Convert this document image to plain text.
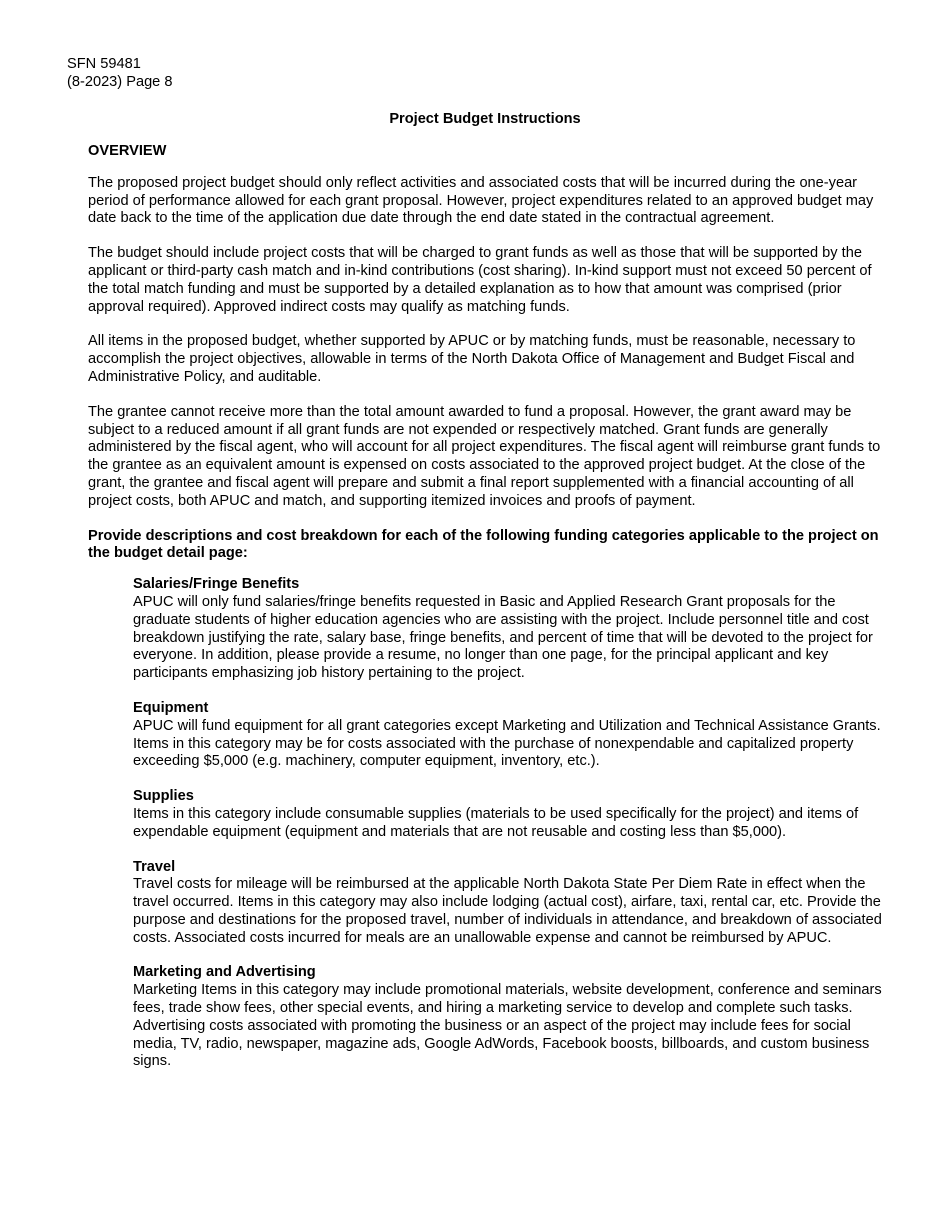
SFN 59481
(8-2023) Page 8
Project Budget Instructions

OVERVIEW

The proposed project budget should only reflect activities and associated costs that will be incurred during the one-year period of performance allowed for each grant proposal. However, project expenditures related to an approved budget may date back to the time of the application due date through the end date stated in the contractual agreement.

The budget should include project costs that will be charged to grant funds as well as those that will be supported by the applicant or third-party cash match and in-kind contributions (cost sharing). In-kind support must not exceed 50 percent of the total match funding and must be supported by a detailed explanation as to how that amount was comprised (prior approval required). Approved indirect costs may qualify as matching funds.

All items in the proposed budget, whether supported by APUC or by matching funds, must be reasonable, necessary to accomplish the project objectives, allowable in terms of the North Dakota Office of Management and Budget Fiscal and Administrative Policy, and auditable.

The grantee cannot receive more than the total amount awarded to fund a proposal. However, the grant award may be subject to a reduced amount if all grant funds are not expended or respectively matched. Grant funds are generally administered by the fiscal agent, who will account for all project expenditures. The fiscal agent will reimburse grant funds to the grantee as an equivalent amount is expensed on costs associated to the approved project budget. At the close of the grant, the grantee and fiscal agent will prepare and submit a final report supplemented with a financial accounting of all project costs, both APUC and match, and supporting itemized invoices and proofs of payment.

Provide descriptions and cost breakdown for each of the following funding categories applicable to the project on the budget detail page:

Salaries/Fringe Benefits
APUC will only fund salaries/fringe benefits requested in Basic and Applied Research Grant proposals for the graduate students of higher education agencies who are assisting with the project. Include personnel title and cost breakdown justifying the rate, salary base, fringe benefits, and percent of time that will be devoted to the project for everyone. In addition, please provide a resume, no longer than one page, for the principal applicant and key participants emphasizing job history pertaining to the project.
Equipment
APUC will fund equipment for all grant categories except Marketing and Utilization and Technical Assistance Grants. Items in this category may be for costs associated with the purchase of nonexpendable and capitalized property exceeding $5,000 (e.g. machinery, computer equipment, inventory, etc.).
Supplies
Items in this category include consumable supplies (materials to be used specifically for the project) and items of expendable equipment (equipment and materials that are not reusable and costing less than $5,000).
Travel
Travel costs for mileage will be reimbursed at the applicable North Dakota State Per Diem Rate in effect when the travel occurred. Items in this category may also include lodging (actual cost), airfare, taxi, rental car, etc. Provide the purpose and destinations for the proposed travel, number of individuals in attendance, and breakdown of associated costs. Associated costs incurred for meals are an unallowable expense and cannot be reimbursed by APUC.
Marketing and Advertising
Marketing Items in this category may include promotional materials, website development, conference and seminars fees, trade show fees, other special events, and hiring a marketing service to develop and complete such tasks. Advertising costs associated with promoting the business or an aspect of the project may include fees for social media, TV, radio, newspaper, magazine ads, Google AdWords, Facebook boosts, billboards, and custom business signs.
